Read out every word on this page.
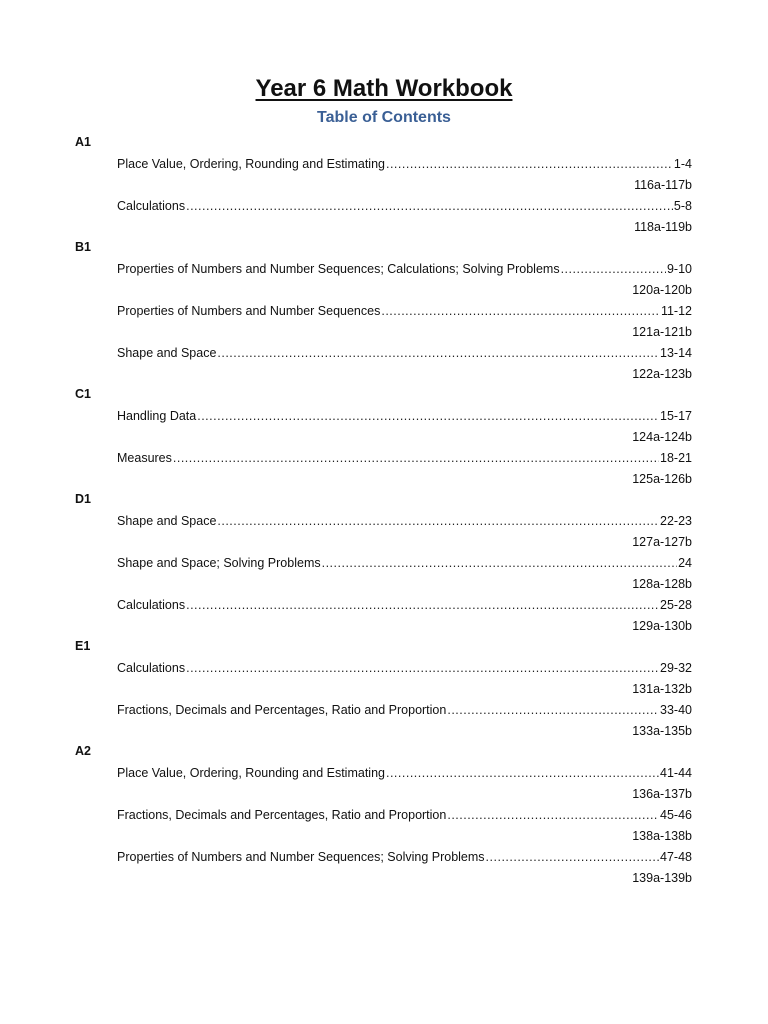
Year 6 Math Workbook
Table of Contents
A1
Place Value, Ordering, Rounding and Estimating .....	1-4
116a-117b
Calculations .....	5-8
118a-119b
B1
Properties of Numbers and Number Sequences; Calculations; Solving Problems .....	9-10
120a-120b
Properties of Numbers and Number Sequences .....	11-12
121a-121b
Shape and Space .....	13-14
122a-123b
C1
Handling Data .....	15-17
124a-124b
Measures .....	18-21
125a-126b
D1
Shape and Space .....	22-23
127a-127b
Shape and Space; Solving Problems .....	24
128a-128b
Calculations .....	25-28
129a-130b
E1
Calculations .....	29-32
131a-132b
Fractions, Decimals and Percentages, Ratio and Proportion .....	33-40
133a-135b
A2
Place Value, Ordering, Rounding and Estimating .....	41-44
136a-137b
Fractions, Decimals and Percentages, Ratio and Proportion .....	45-46
138a-138b
Properties of Numbers and Number Sequences; Solving Problems .....	47-48
139a-139b
